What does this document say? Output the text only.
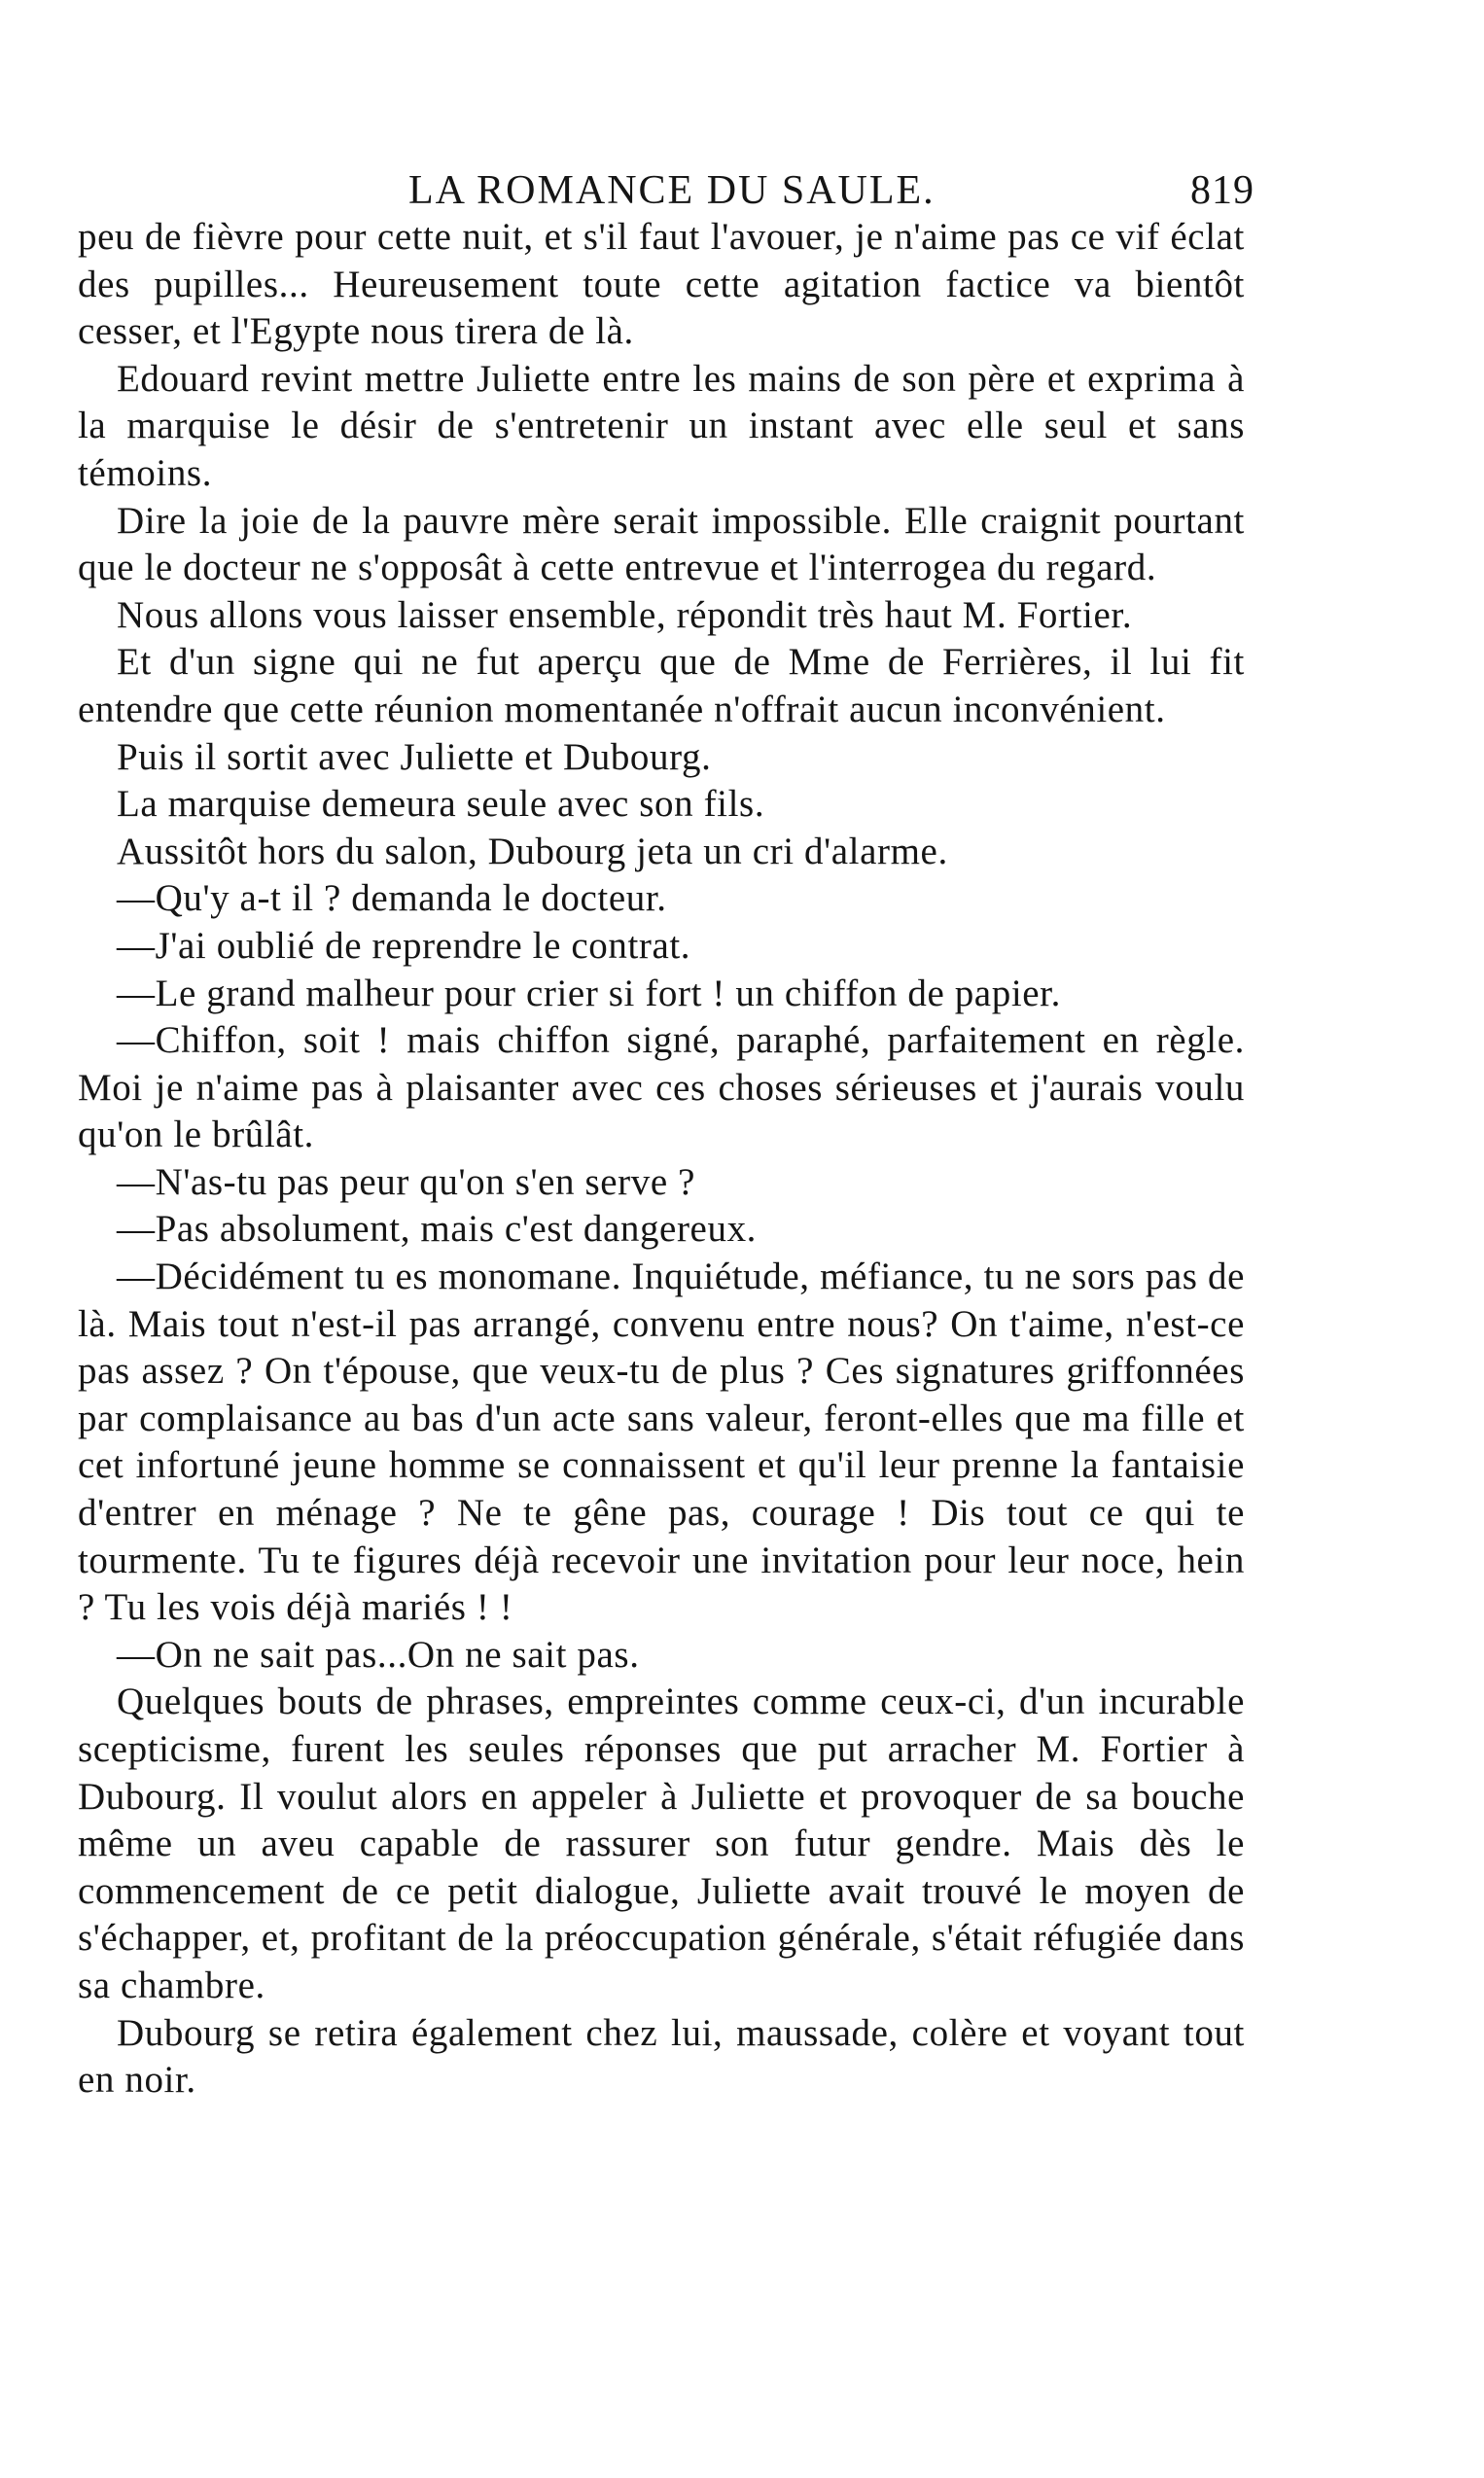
LA ROMANCE DU SAULE.	819

peu de fièvre pour cette nuit, et s'il faut l'avouer, je n'aime pas ce vif éclat des pupilles... Heureusement toute cette agitation factice va bientôt cesser, et l'Egypte nous tirera de là.

Edouard revint mettre Juliette entre les mains de son père et exprima à la marquise le désir de s'entretenir un instant avec elle seul et sans témoins.

Dire la joie de la pauvre mère serait impossible. Elle craignit pourtant que le docteur ne s'opposât à cette entrevue et l'interrogea du regard.

Nous allons vous laisser ensemble, répondit très haut M. Fortier.

Et d'un signe qui ne fut aperçu que de Mme de Ferrières, il lui fit entendre que cette réunion momentanée n'offrait aucun inconvénient.

Puis il sortit avec Juliette et Dubourg.

La marquise demeura seule avec son fils.

Aussitôt hors du salon, Dubourg jeta un cri d'alarme.

—Qu'y a-t il ? demanda le docteur.

—J'ai oublié de reprendre le contrat.

—Le grand malheur pour crier si fort ! un chiffon de papier.

—Chiffon, soit ! mais chiffon signé, paraphé, parfaitement en règle. Moi je n'aime pas à plaisanter avec ces choses sérieuses et j'aurais voulu qu'on le brûlât.

—N'as-tu pas peur qu'on s'en serve ?

—Pas absolument, mais c'est dangereux.

—Décidément tu es monomane. Inquiétude, méfiance, tu ne sors pas de là. Mais tout n'est-il pas arrangé, convenu entre nous? On t'aime, n'est-ce pas assez ? On t'épouse, que veux-tu de plus ? Ces signatures griffonnées par complaisance au bas d'un acte sans valeur, feront-elles que ma fille et cet infortuné jeune homme se connaissent et qu'il leur prenne la fantaisie d'entrer en ménage ? Ne te gêne pas, courage ! Dis tout ce qui te tourmente. Tu te figures déjà recevoir une invitation pour leur noce, hein ? Tu les vois déjà mariés ! !

—On ne sait pas...On ne sait pas.

Quelques bouts de phrases, empreintes comme ceux-ci, d'un incurable scepticisme, furent les seules réponses que put arracher M. Fortier à Dubourg. Il voulut alors en appeler à Juliette et provoquer de sa bouche même un aveu capable de rassurer son futur gendre. Mais dès le commencement de ce petit dialogue, Juliette avait trouvé le moyen de s'échapper, et, profitant de la préoccupation générale, s'était réfugiée dans sa chambre.

Dubourg se retira également chez lui, maussade, colère et voyant tout en noir.
